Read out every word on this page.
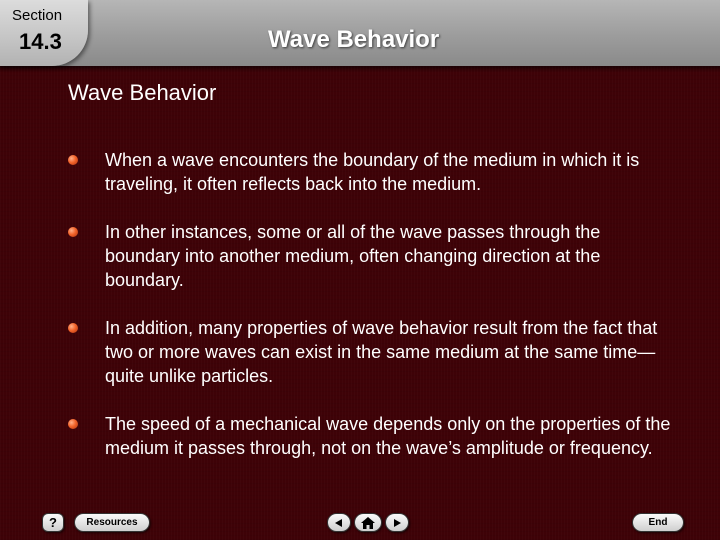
Section
14.3	Wave Behavior
Wave Behavior
When a wave encounters the boundary of the medium in which it is traveling, it often reflects back into the medium.
In other instances, some or all of the wave passes through the boundary into another medium, often changing direction at the boundary.
In addition, many properties of wave behavior result from the fact that two or more waves can exist in the same medium at the same time—quite unlike particles.
The speed of a mechanical wave depends only on the properties of the medium it passes through, not on the wave’s amplitude or frequency.
?	Resources	End
